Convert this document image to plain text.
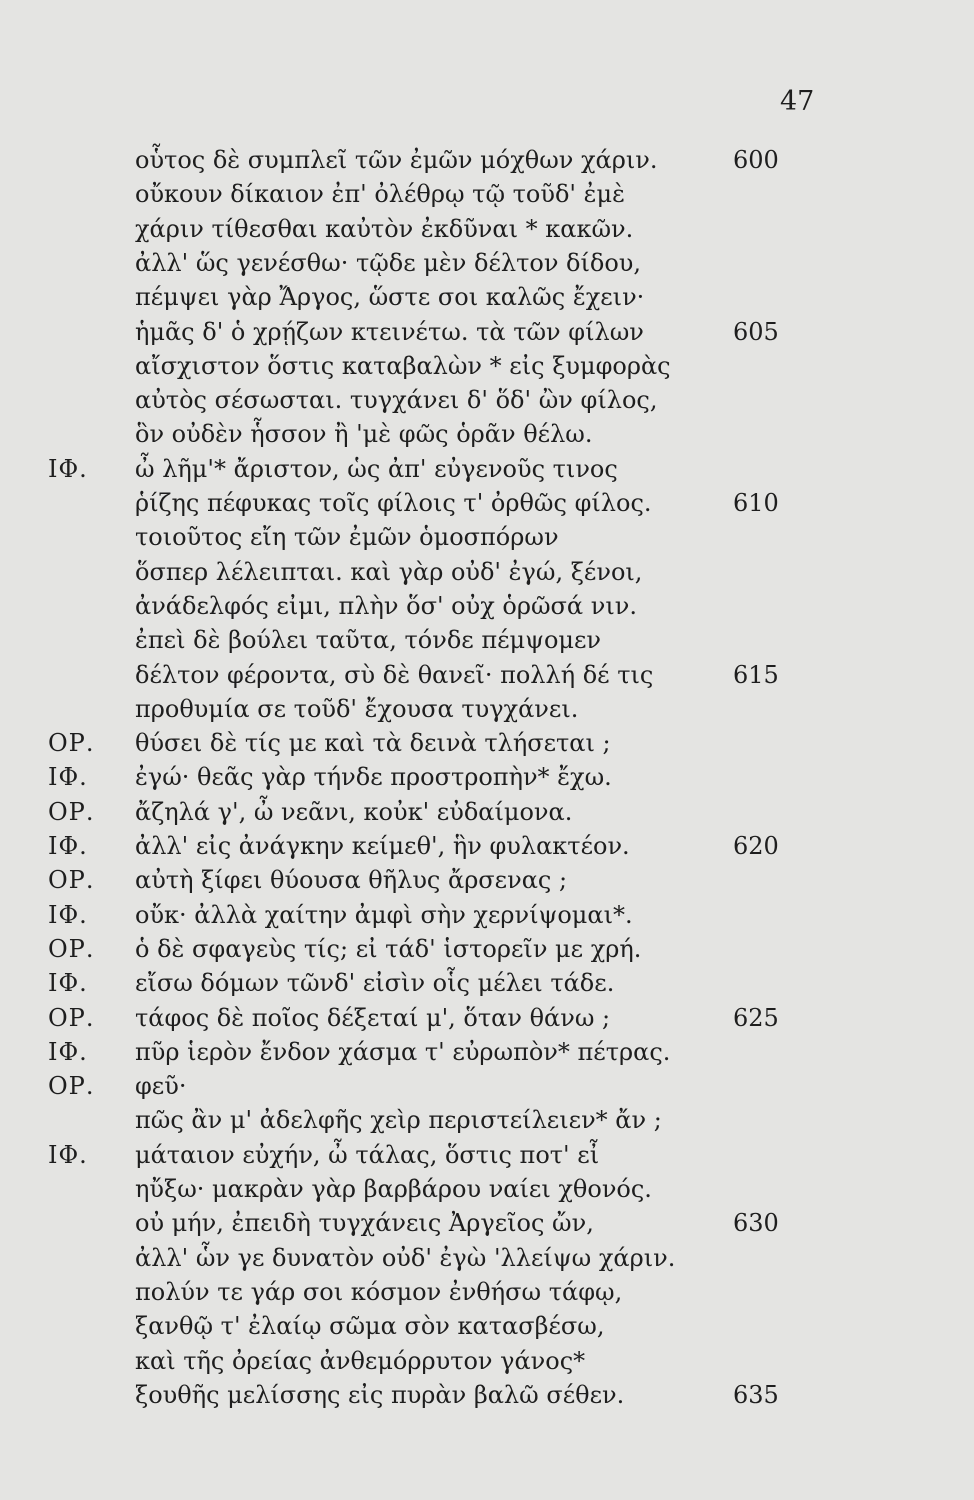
47
οὗτος δὲ συμπλεῖ τῶν ἐμῶν μόχθων χάριν.	600
οὔκουν δίκαιον ἐπ' ὀλέθρῳ τῷ τοῦδ' ἐμὲ
χάριν τίθεσθαι καὐτὸν ἐκδῦναι * κακῶν.
ἀλλ' ὥς γενέσθω· τῷδε μὲν δέλτον δίδου,
πέμψει γὰρ Ἄργος, ὥστε σοι καλῶς ἔχειν·
ἡμᾶς δ' ὁ χρῄζων κτεινέτω. τὰ τῶν φίλων	605
αἴσχιστον ὅστις καταβαλὼν * εἰς ξυμφορὰς
αὐτὸς σέσωσται. τυγχάνει δ' ὅδ' ὢν φίλος,
ὃν οὐδὲν ἧσσον ἢ 'μὲ φῶς ὁρᾶν θέλω.
ΙΦ. ὦ λῆμ'* ἄριστον, ὡς ἀπ' εὐγενοῦς τινος
ῥίζης πέφυκας τοῖς φίλοις τ' ὀρθῶς φίλος.	610
τοιοῦτος εἴη τῶν ἐμῶν ὁμοσπόρων
ὅσπερ λέλειπται. καὶ γὰρ οὐδ' ἐγώ, ξένοι,
ἀνάδελφός εἰμι, πλὴν ὅσ' οὐχ ὁρῶσά νιν.
ἐπεὶ δὲ βούλει ταῦτα, τόνδε πέμψομεν
δέλτον φέροντα, σὺ δὲ θανεῖ· πολλή δέ τις	615
προθυμία σε τοῦδ' ἔχουσα τυγχάνει.
ΟΡ. θύσει δὲ τίς με καὶ τὰ δεινὰ τλήσεται ;
ΙΦ. ἐγώ· θεᾶς γὰρ τήνδε προστροπὴν* ἔχω.
ΟΡ. ἄζηλά γ', ὦ νεᾶνι, κοὐκ' εὐδαίμονα.
ΙΦ. ἀλλ' εἰς ἀνάγκην κείμεθ', ἣν φυλακτέον.	620
ΟΡ. αὐτὴ ξίφει θύουσα θῆλυς ἄρσενας ;
ΙΦ. οὔκ· ἀλλὰ χαίτην ἀμφὶ σὴν χερνίψομαι*.
ΟΡ. ὁ δὲ σφαγεὺς τίς; εἰ τάδ' ἱστορεῖν με χρή.
ΙΦ. εἴσω δόμων τῶνδ' εἰσὶν οἷς μέλει τάδε.
ΟΡ. τάφος δὲ ποῖος δέξεταί μ', ὅταν θάνω ;	625
ΙΦ. πῦρ ἱερὸν ἔνδον χάσμα τ' εὐρωπὸν* πέτρας.
ΟΡ. φεῦ·
πῶς ἂν μ' ἀδελφῆς χεὶρ περιστείλειεν* ἄν ;
ΙΦ. μάταιον εὐχήν, ὦ τάλας, ὅστις ποτ' εἶ
ηὔξω· μακρὰν γὰρ βαρβάρου ναίει χθονός.
οὐ μήν, ἐπειδὴ τυγχάνεις Ἀργεῖος ὤν,	630
ἀλλ' ὧν γε δυνατὸν οὐδ' ἐγὼ 'λλείψω χάριν.
πολύν τε γάρ σοι κόσμον ἐνθήσω τάφῳ,
ξανθῷ τ' ἐλαίῳ σῶμα σὸν κατασβέσω,
καὶ τῆς ὀρείας ἀνθεμόρρυτον γάνος*
ξουθῆς μελίσσης εἰς πυρὰν βαλῶ σέθεν.	635
